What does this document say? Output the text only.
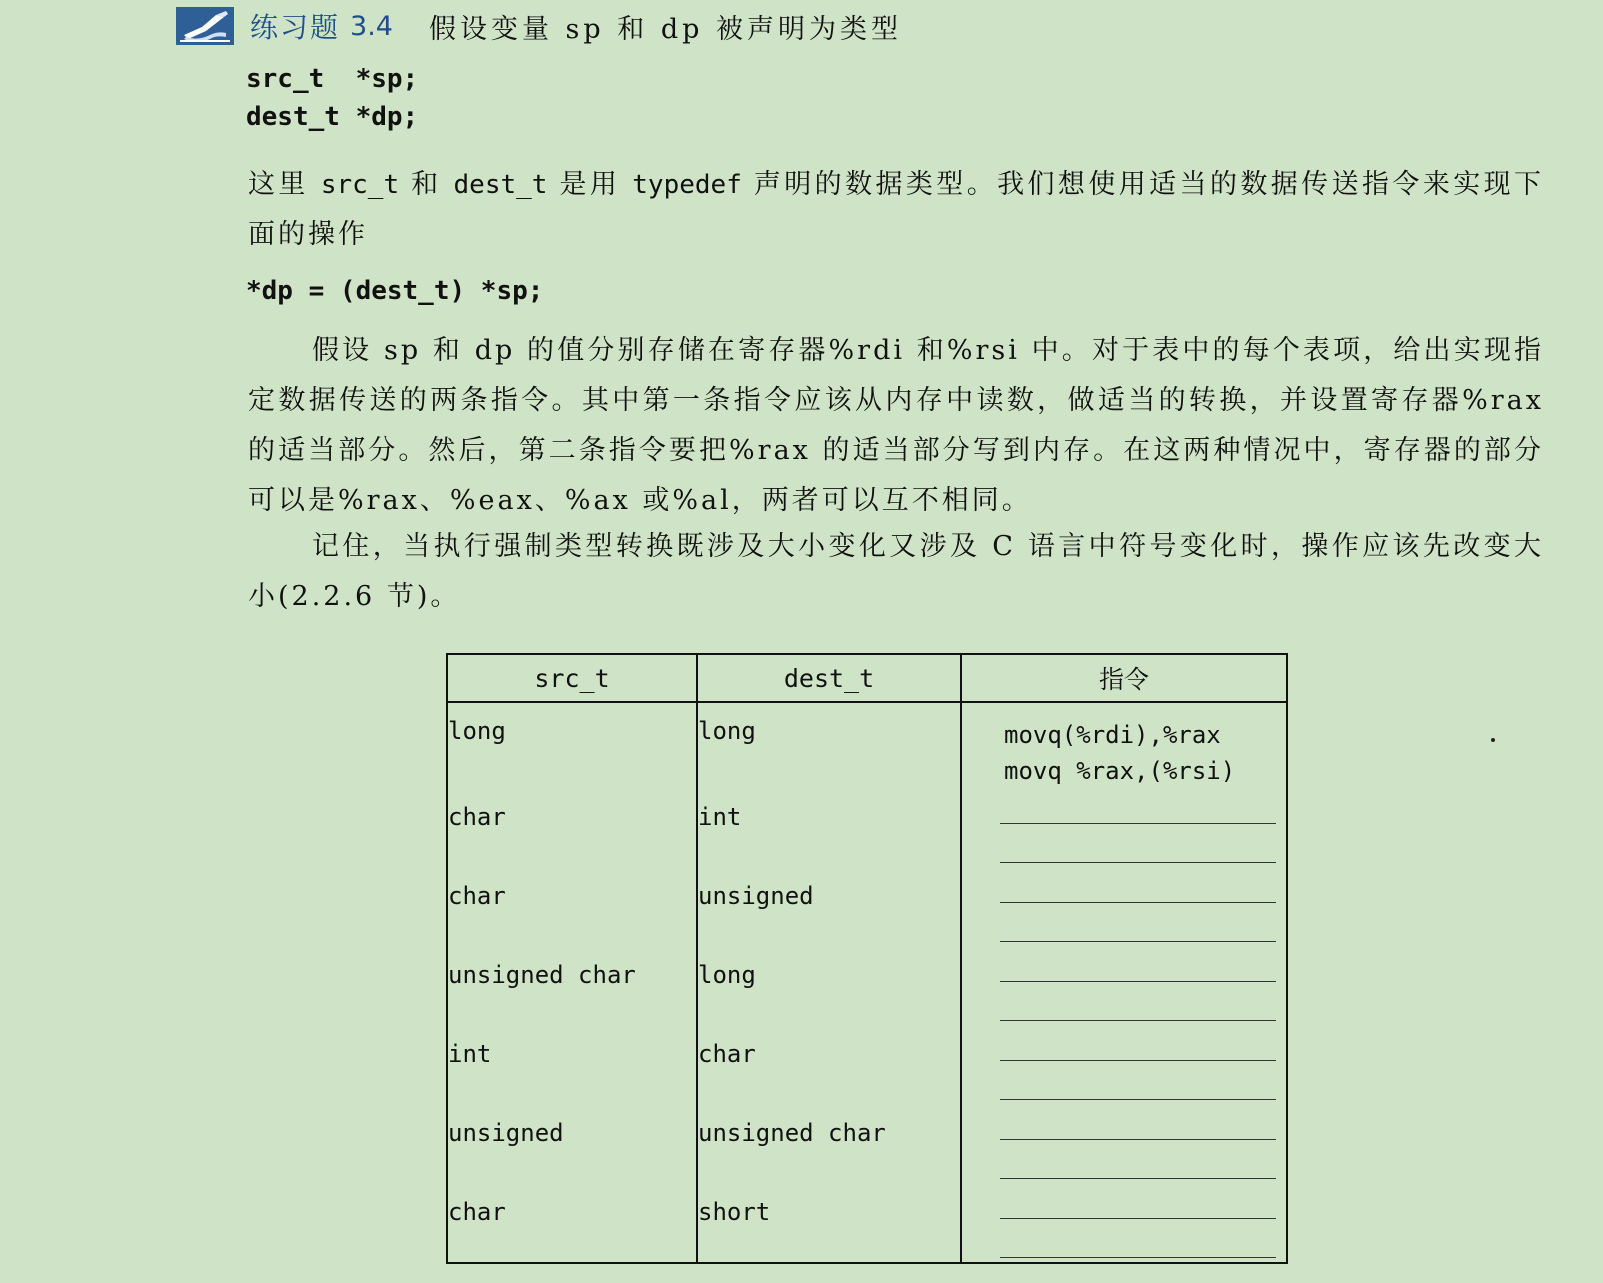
练习题 3.4 假设变量 sp 和 dp 被声明为类型
src_t  *sp;
dest_t *dp;

这里 src_t 和 dest_t 是用 typedef 声明的数据类型。我们想使用适当的数据传送指令来实现下面的操作

*dp = (dest_t) *sp;

假设 sp 和 dp 的值分别存储在寄存器%rdi 和%rsi 中。对于表中的每个表项，给出实现指定数据传送的两条指令。其中第一条指令应该从内存中读数，做适当的转换，并设置寄存器%rax 的适当部分。然后，第二条指令要把%rax 的适当部分写到内存。在这两种情况中，寄存器的部分可以是%rax、%eax、%ax 或%al，两者可以互不相同。

记住，当执行强制类型转换既涉及大小变化又涉及 C 语言中符号变化时，操作应该先改变大小(2.2.6 节)。

src_t	dest_t	指令

long	long	movq(%rdi),%rax
movq %rax,(%rsi)

char	int	

char	unsigned	

unsigned char	long	

int	char	

unsigned	unsigned char	

char	short	
